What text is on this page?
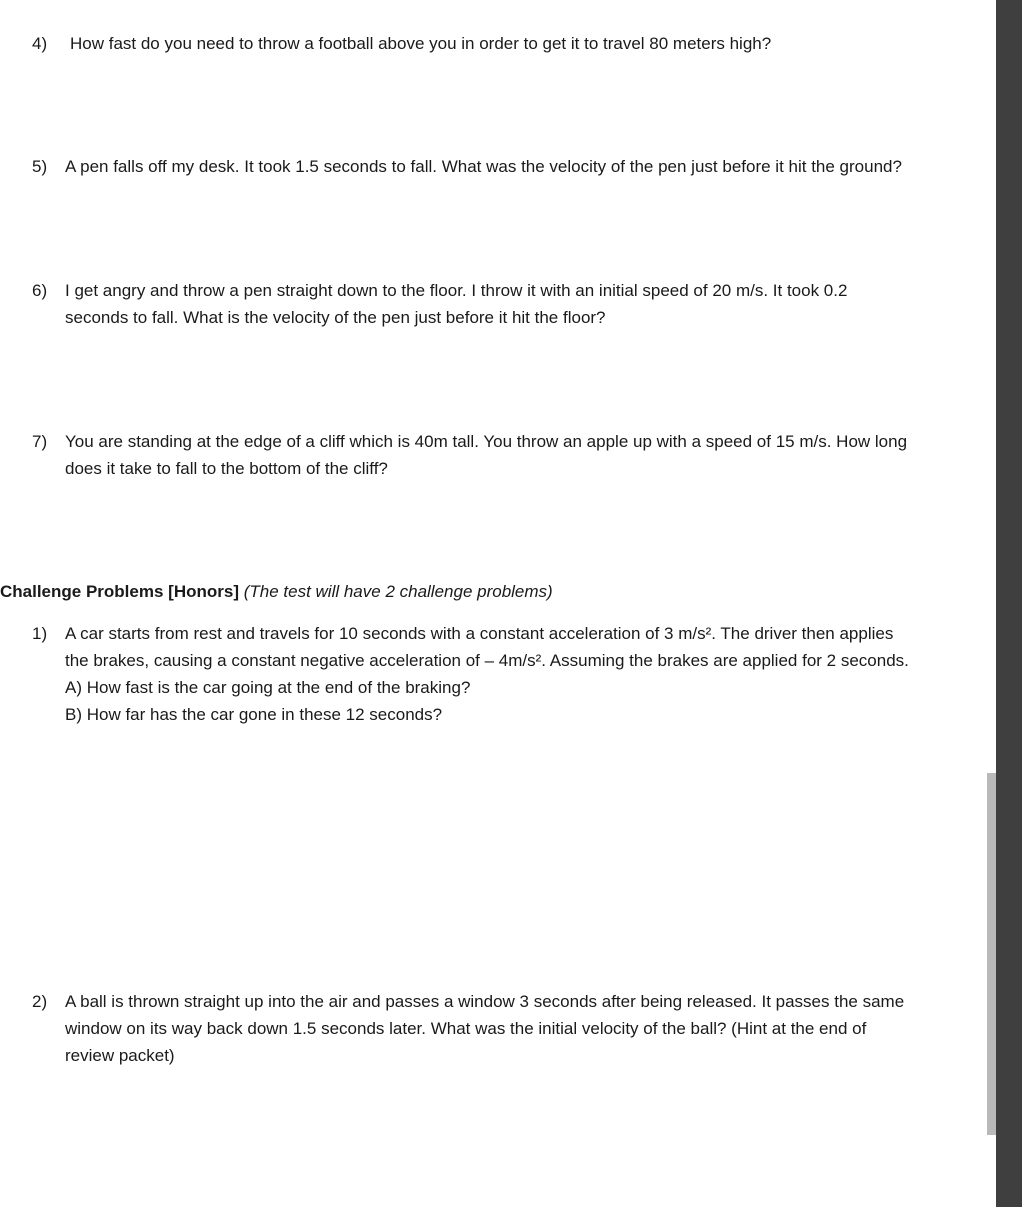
4) How fast do you need to throw a football above you in order to get it to travel 80 meters high?
5) A pen falls off my desk. It took 1.5 seconds to fall. What was the velocity of the pen just before it hit the ground?
6) I get angry and throw a pen straight down to the floor. I throw it with an initial speed of 20 m/s. It took 0.2
seconds to fall. What is the velocity of the pen just before it hit the floor?
7) You are standing at the edge of a cliff which is 40m tall. You throw an apple up with a speed of 15 m/s. How long
does it take to fall to the bottom of the cliff?
Challenge Problems [Honors] (The test will have 2 challenge problems)
1) A car starts from rest and travels for 10 seconds with a constant acceleration of 3 m/s². The driver then applies
the brakes, causing a constant negative acceleration of – 4m/s². Assuming the brakes are applied for 2 seconds.
A) How fast is the car going at the end of the braking?
B) How far has the car gone in these 12 seconds?
2) A ball is thrown straight up into the air and passes a window 3 seconds after being released. It passes the same
window on its way back down 1.5 seconds later. What was the initial velocity of the ball? (Hint at the end of
review packet)
